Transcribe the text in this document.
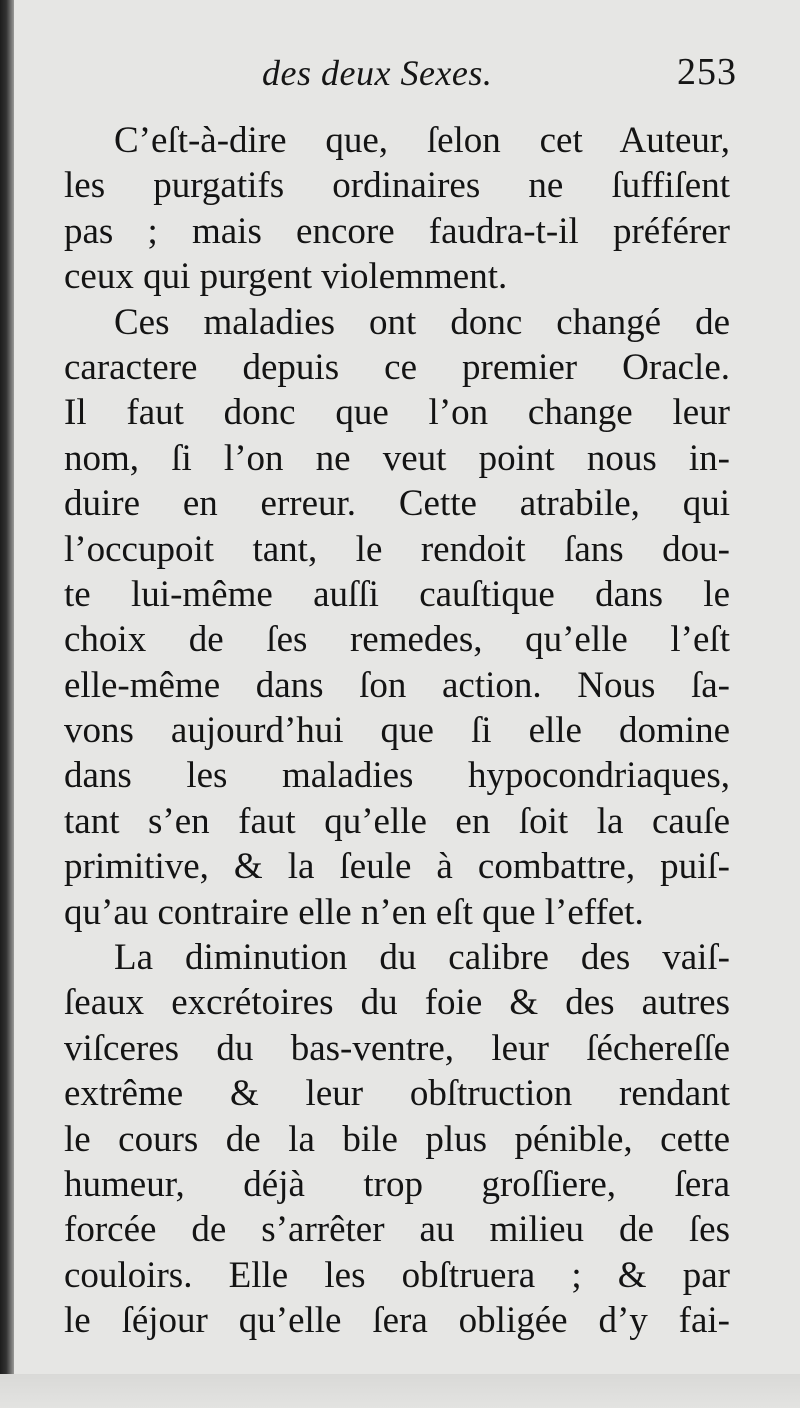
des deux Sexes.	253
C’eſt-à-dire que, ſelon cet Auteur,
les purgatifs ordinaires ne ſuffiſent
pas ; mais encore faudra-t-il préférer
ceux qui purgent violemment.
Ces maladies ont donc changé de
caractere depuis ce premier Oracle.
Il faut donc que l’on change leur
nom, ſi l’on ne veut point nous in-
duire en erreur. Cette atrabile, qui
l’occupoit tant, le rendoit ſans dou-
te lui-même auſſi cauſtique dans le
choix de ſes remedes, qu’elle l’eſt
elle-même dans ſon action. Nous ſa-
vons aujourd’hui que ſi elle domine
dans les maladies hypocondriaques,
tant s’en faut qu’elle en ſoit la cauſe
primitive, & la ſeule à combattre, puiſ-
qu’au contraire elle n’en eſt que l’effet.
La diminution du calibre des vaiſ-
ſeaux excrétoires du foie & des autres
viſceres du bas-ventre, leur ſéchereſſe
extrême & leur obſtruction rendant
le cours de la bile plus pénible, cette
humeur, déjà trop groſſiere, ſera
forcée de s’arrêter au milieu de ſes
couloirs. Elle les obſtruera ; & par
le ſéjour qu’elle ſera obligée d’y fai-
